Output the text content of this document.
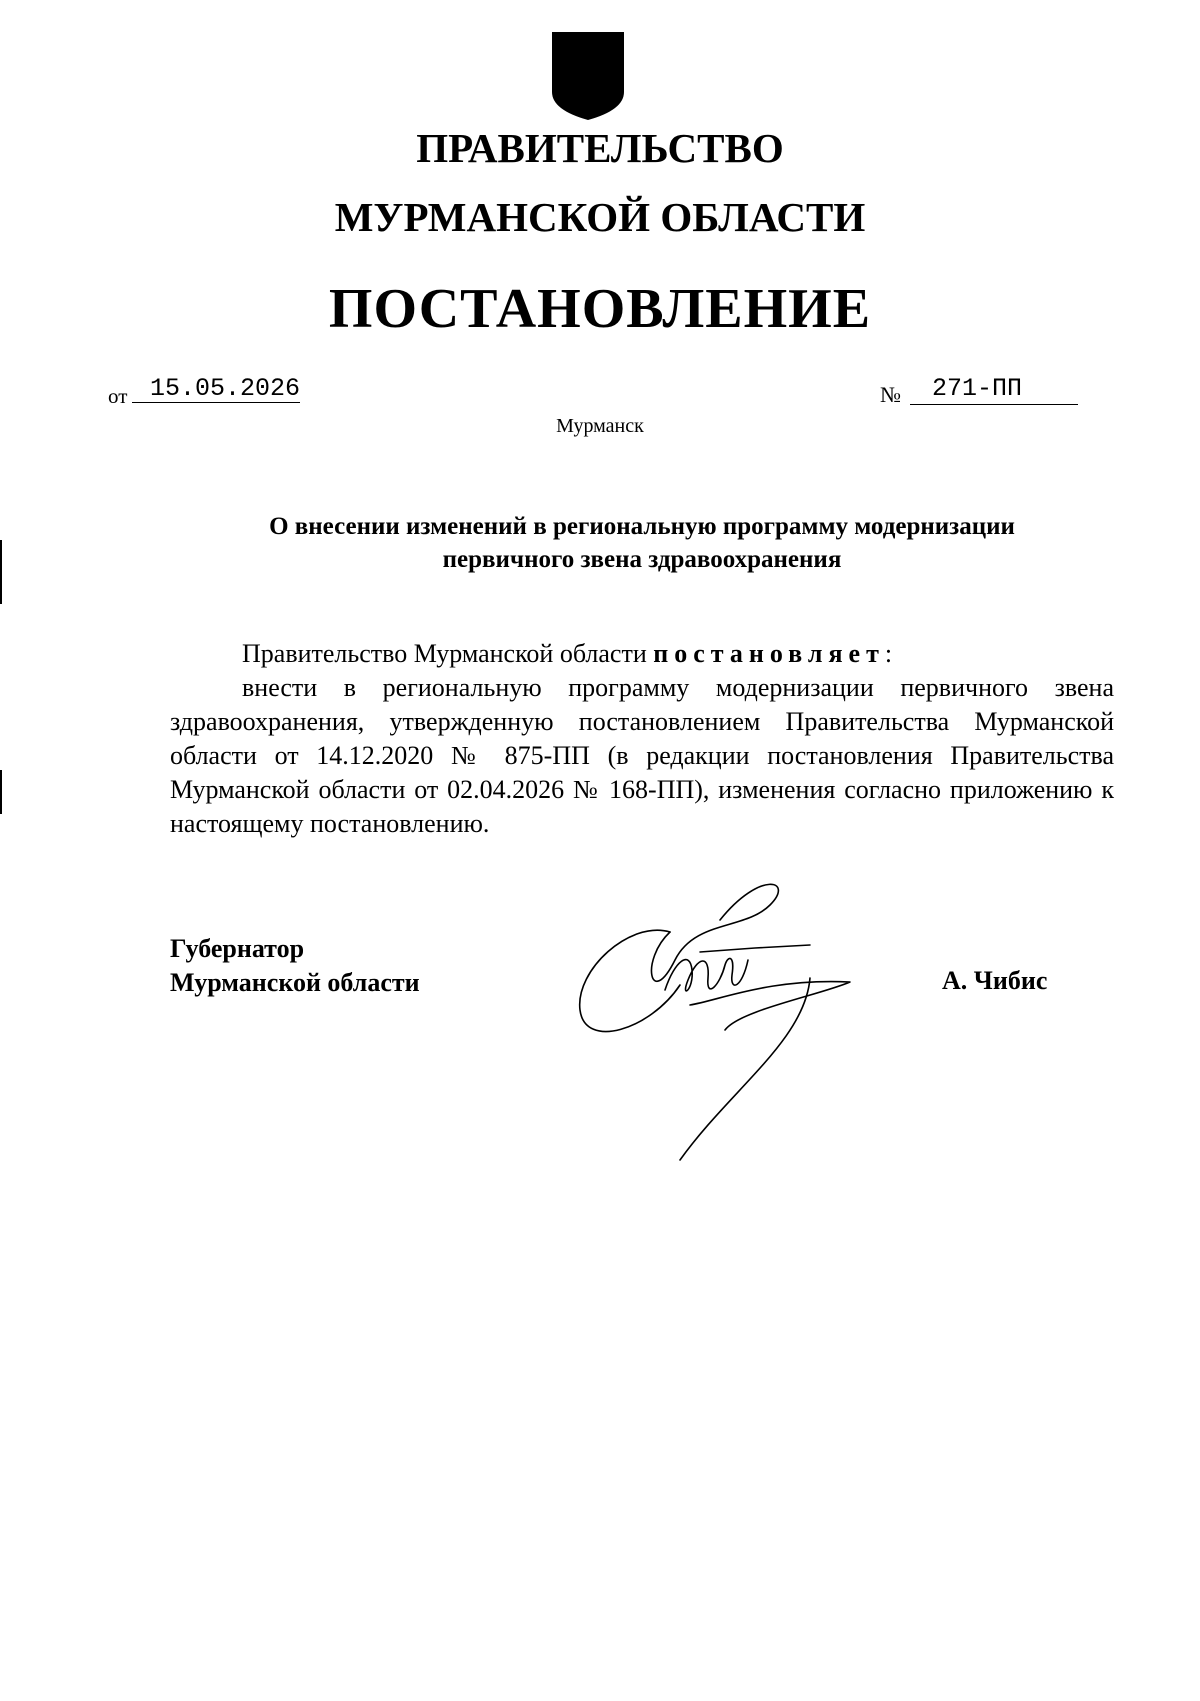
ПРАВИТЕЛЬСТВО
МУРМАНСКОЙ ОБЛАСТИ
ПОСТАНОВЛЕНИЕ
от 15.05.2026	№ 271-ПП
Мурманск
О внесении изменений в региональную программу модернизации
первичного звена здравоохранения

Правительство Мурманской области постановляет:

внести в региональную программу модернизации первичного звена здравоохранения, утвержденную постановлением Правительства Мурманской области от 14.12.2020 № 875-ПП (в редакции постановления Правительства Мурманской области от 02.04.2026 № 168-ПП), изменения согласно приложению к настоящему постановлению.

Губернатор
Мурманской области	А. Чибис
